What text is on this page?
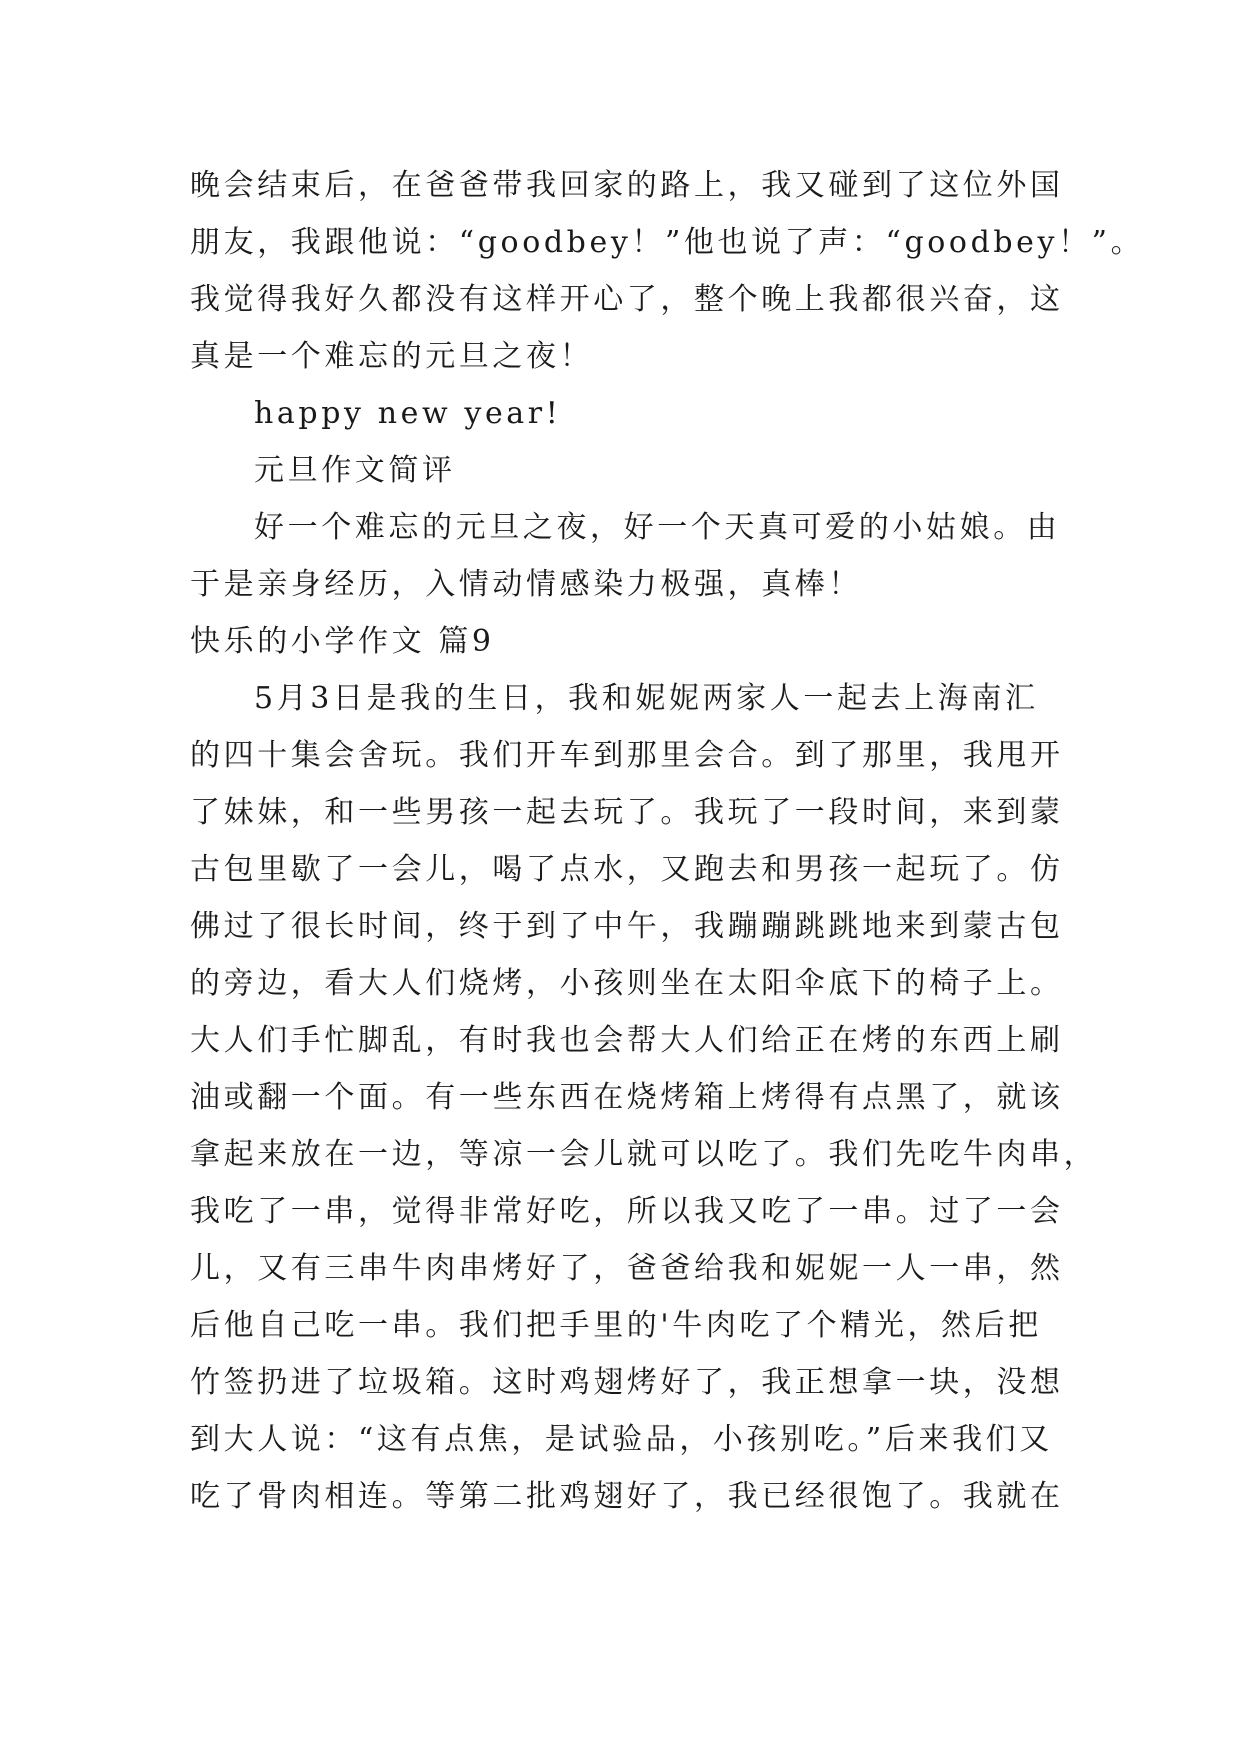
晚会结束后，在爸爸带我回家的路上，我又碰到了这位外国
朋友，我跟他说：“goodbey！”他也说了声：“goodbey！”。
我觉得我好久都没有这样开心了，整个晚上我都很兴奋，这
真是一个难忘的元旦之夜！
happy new year!
元旦作文简评
好一个难忘的元旦之夜，好一个天真可爱的小姑娘。由
于是亲身经历，入情动情感染力极强，真棒！
快乐的小学作文 篇9
5月3日是我的生日，我和妮妮两家人一起去上海南汇
的四十集会舍玩。我们开车到那里会合。到了那里，我甩开
了妹妹，和一些男孩一起去玩了。我玩了一段时间，来到蒙
古包里歇了一会儿，喝了点水，又跑去和男孩一起玩了。仿
佛过了很长时间，终于到了中午，我蹦蹦跳跳地来到蒙古包
的旁边，看大人们烧烤，小孩则坐在太阳伞底下的椅子上。
大人们手忙脚乱，有时我也会帮大人们给正在烤的东西上刷
油或翻一个面。有一些东西在烧烤箱上烤得有点黑了，就该
拿起来放在一边，等凉一会儿就可以吃了。我们先吃牛肉串，
我吃了一串，觉得非常好吃，所以我又吃了一串。过了一会
儿，又有三串牛肉串烤好了，爸爸给我和妮妮一人一串，然
后他自己吃一串。我们把手里的'牛肉吃了个精光，然后把
竹签扔进了垃圾箱。这时鸡翅烤好了，我正想拿一块，没想
到大人说：“这有点焦，是试验品，小孩别吃。”后来我们又
吃了骨肉相连。等第二批鸡翅好了，我已经很饱了。我就在
